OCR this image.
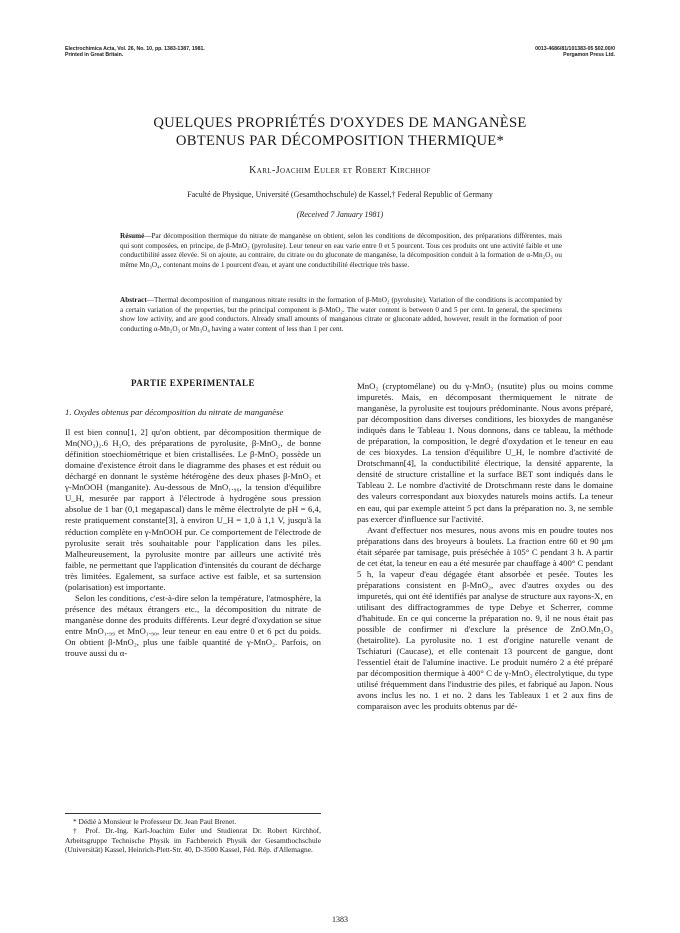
Electrochimica Acta, Vol. 26, No. 10, pp. 1383-1387, 1981.
Printed in Great Britain.
0013-4686/81/101383-05 $02.00/0
Pergamon Press Ltd.
QUELQUES PROPRIÉTÉS D'OXYDES DE MANGANÈSE
OBTENUS PAR DÉCOMPOSITION THERMIQUE*
Karl-Joachim Euler et Robert Kirchhof
Faculté de Physique, Université (Gesamthochschule) de Kassel,† Federal Republic of Germany
(Received 7 January 1981)

Résumé—Par décomposition thermique du nitrate de manganèse on obtient, selon les conditions de décomposition, des préparations différentes, mais qui sont composées, en principe, de β-MnO₂ (pyrolusite). Leur teneur en eau varie entre 0 et 5 pourcent. Tous ces produits ont une activité faible et une conductibilité assez élevée. Si on ajoute, au contraire, du citrate ou du gluconate de manganèse, la décomposition conduit à la formation de α-Mn₂O₃ ou même Mn₃O₄, contenant moins de 1 pourcent d'eau, et ayant une conductibilité électrique très basse.

Abstract—Thermal decomposition of manganous nitrate results in the formation of β-MnO₂ (pyrolusite). Variation of the conditions is accompanied by a certain variation of the properties, but the principal component is β-MnO₂. The water content is between 0 and 5 per cent. In general, the specimens show low activity, and are good conductors. Already small amounts of manganous citrate or gluconate added, however, result in the formation of poor conducting α-Mn₂O₃ or Mn₃O₄ having a water content of less than 1 per cent.

PARTIE EXPERIMENTALE

1. Oxydes obtenus par décomposition du nitrate de manganèse

Il est bien connu[1, 2] qu'on obtient, par décomposition thermique de Mn(NO₃)₂.6 H₂O, des préparations de pyrolusite, β-MnO₂, de bonne définition stoechiométrique et bien cristallisées. Le β-MnO₂ possède un domaine d'existence étroit dans le diagramme des phases et est réduit ou déchargé en donnant le système hétérogène des deux phases β-MnO₂ et γ-MnOOH (manganite). Au-dessous de MnO₁.₉₆, la tension d'équilibre U_H, mesurée par rapport à l'électrode à hydrogène sous pression absolue de 1 bar (0,1 megapascal) dans le même électrolyte de pH = 6,4, reste pratiquement constante[3], à environ U_H = 1,0 à 1,1 V, jusqu'à la réduction complète en γ-MnOOH pur. Ce comportement de l'électrode de pyrolusite serait très souhaitable pour l'application dans les piles. Malheureusement, la pyrolusite montre par ailleurs une activité très faible, ne permettant que l'application d'intensités du courant de décharge très limitées. Egalement, sa surface active est faible, et sa surtension (polarisation) est importante.

Selon les conditions, c'est-à-dire selon la température, l'atmosphère, la présence des métaux étrangers etc., la décomposition du nitrate de manganèse donne des produits différents. Leur degré d'oxydation se situe entre MnO₁.₉₉ et MnO₁.₉₀, leur teneur en eau entre 0 et 6 pct du poids. On obtient β-MnO₂, plus une faible quantité de γ-MnO₂. Parfois, on trouve aussi du α-

MnO₂ (cryptomélane) ou du γ-MnO₂ (nsutite) plus ou moins comme impuretés. Mais, en décomposant thermiquement le nitrate de manganèse, la pyrolusite est toujours prédominante. Nous avons préparé, par décomposition dans diverses conditions, les bioxydes de manganèse indiqués dans le Tableau 1. Nous donnons, dans ce tableau, la méthode de préparation, la composition, le degré d'oxydation et le teneur en eau de ces bioxydes. La tension d'équilibre U_H, le nombre d'activité de Drotschmann[4], la conductibilité électrique, la densité apparente, la densité de structure cristalline et la surface BET sont indiqués dans le Tableau 2. Le nombre d'activité de Drotschmann reste dans le domaine des valeurs correspondant aux bioxydes naturels moins actifs. La teneur en eau, qui par exemple atteint 5 pct dans la préparation no. 3, ne semble pas exercer d'influence sur l'activité.

Avant d'effectuer nos mesures, nous avons mis en poudre toutes nos préparations dans des broyeurs à boulets. La fraction entre 60 et 90 μm était séparée par tamisage, puis préséchée à 105° C pendant 3 h. A partir de cet état, la teneur en eau a été mesurée par chauffage à 400° C pendant 5 h, la vapeur d'eau dégagée étant absorbée et pesée. Toutes les préparations consistent en β-MnO₂, avec d'autres oxydes ou des impuretés, qui ont été identifiés par analyse de structure aux rayons-X, en utilisant des diffractogrammes de type Debye et Scherrer, comme d'habitude. En ce qui concerne la préparation no. 9, il ne nous était pas possible de confirmer ni d'exclure la présence de ZnO.Mn₂O₃ (hetairolite). La pyrolusite no. 1 est d'origine naturelle venant de Tschiaturi (Caucase), et elle contenait 13 pourcent de gangue, dont l'essentiel était de l'alumine inactive. Le produit numéro 2 a été préparé par décomposition thermique à 400° C de γ-MnO₂ électrolytique, du type utilisé fréquemment dans l'industrie des piles, et fabriqué au Japon. Nous avons inclus les no. 1 et no. 2 dans les Tableaux 1 et 2 aux fins de comparaison avec les produits obtenus par dé-

* Dédié à Monsieur le Professeur Dr. Jean Paul Brenet.

† Prof. Dr.-Ing. Karl-Joachim Euler und Studienrat Dr. Robert Kirchhof, Arbeitsgruppe Technische Physik im Fachbereich Physik der Gesamthochschule (Universität) Kassel, Heinrich-Plett-Str. 40, D-3500 Kassel, Féd. Rép. d'Allemagne.

1383
